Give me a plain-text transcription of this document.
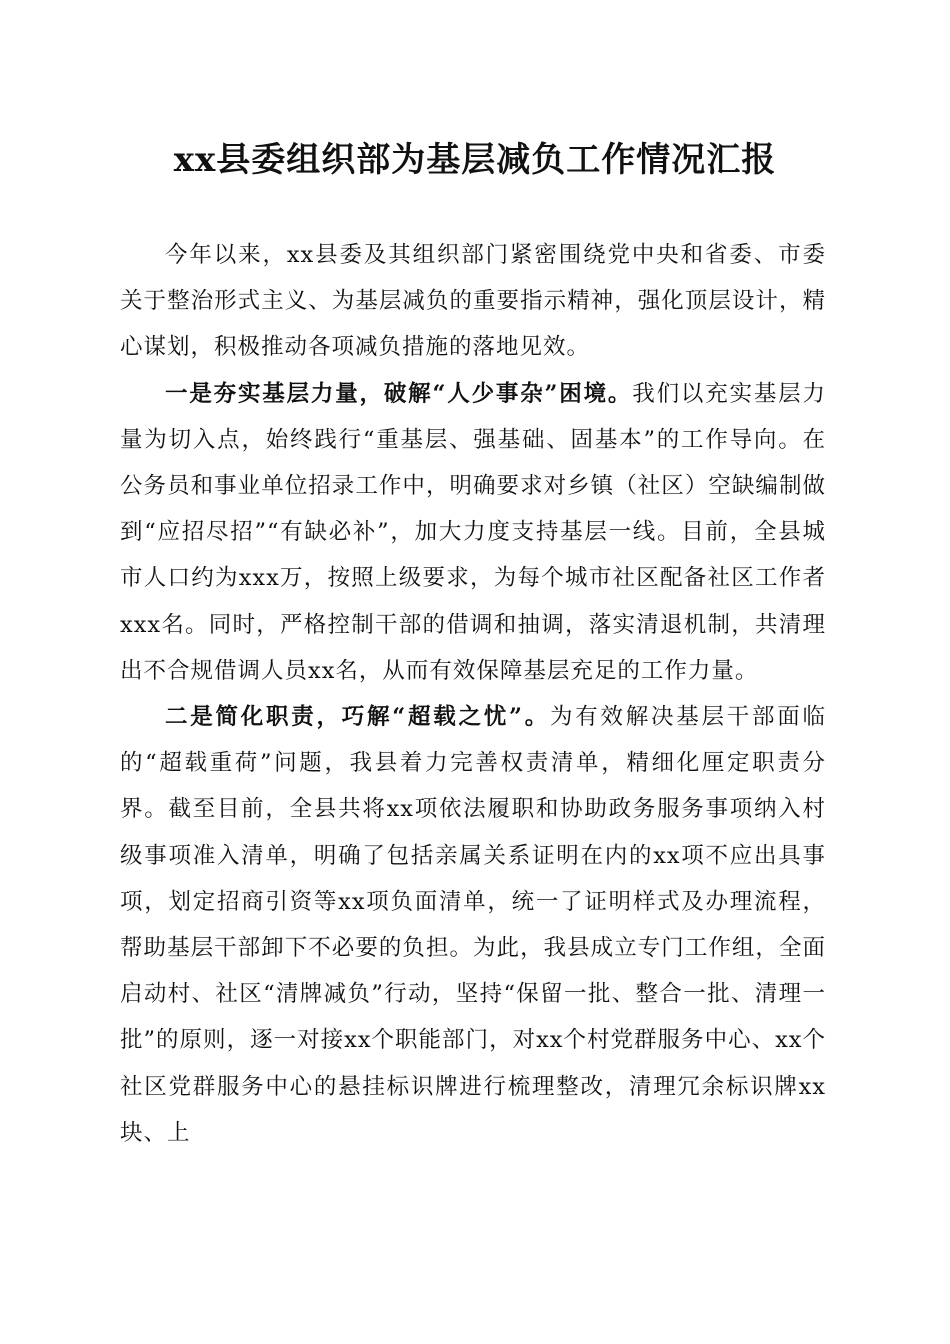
xx县委组织部为基层减负工作情况汇报

今年以来，xx县委及其组织部门紧密围绕党中央和省委、市委关于整治形式主义、为基层减负的重要指示精神，强化顶层设计，精心谋划，积极推动各项减负措施的落地见效。

一是夯实基层力量，破解“人少事杂”困境。我们以充实基层力量为切入点，始终践行“重基层、强基础、固基本”的工作导向。在公务员和事业单位招录工作中，明确要求对乡镇（社区）空缺编制做到“应招尽招”“有缺必补”，加大力度支持基层一线。目前，全县城市人口约为xxx万，按照上级要求，为每个城市社区配备社区工作者xxx名。同时，严格控制干部的借调和抽调，落实清退机制，共清理出不合规借调人员xx名，从而有效保障基层充足的工作力量。

二是简化职责，巧解“超载之忧”。为有效解决基层干部面临的“超载重荷”问题，我县着力完善权责清单，精细化厘定职责分界。截至目前，全县共将xx项依法履职和协助政务服务事项纳入村级事项准入清单，明确了包括亲属关系证明在内的xx项不应出具事项，划定招商引资等xx项负面清单，统一了证明样式及办理流程，帮助基层干部卸下不必要的负担。为此，我县成立专门工作组，全面启动村、社区“清牌减负”行动，坚持“保留一批、整合一批、清理一批”的原则，逐一对接xx个职能部门，对xx个村党群服务中心、xx个社区党群服务中心的悬挂标识牌进行梳理整改，清理冗余标识牌xx块、上
